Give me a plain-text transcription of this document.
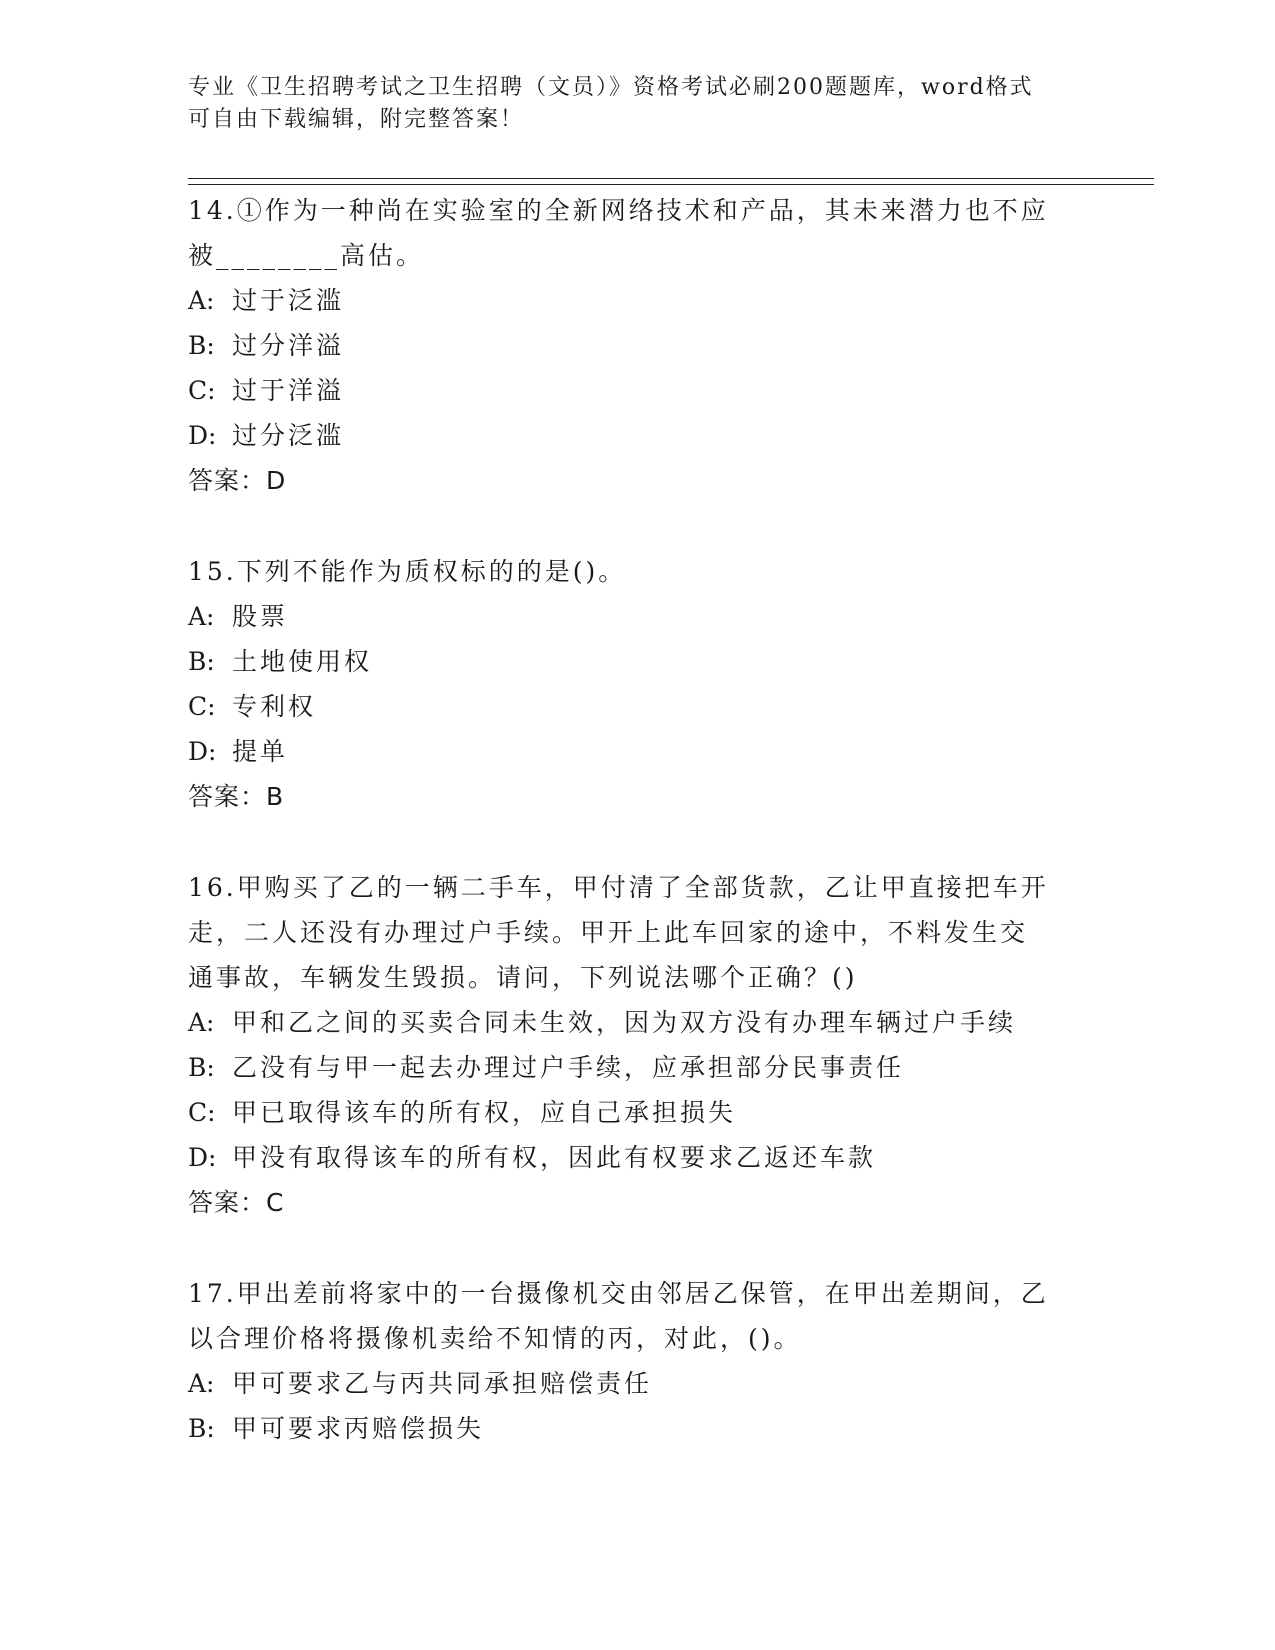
专业《卫生招聘考试之卫生招聘（文员）》资格考试必刷200题题库，word格式
可自由下载编辑，附完整答案！
14.①作为一种尚在实验室的全新网络技术和产品，其未来潜力也不应
被________高估。
A: 过于泛滥
B: 过分洋溢
C: 过于洋溢
D: 过分泛滥
答案：D
15.下列不能作为质权标的的是()。
A: 股票
B: 土地使用权
C: 专利权
D: 提单
答案：B
16.甲购买了乙的一辆二手车，甲付清了全部货款，乙让甲直接把车开
走，二人还没有办理过户手续。甲开上此车回家的途中，不料发生交
通事故，车辆发生毁损。请问，下列说法哪个正确？()
A: 甲和乙之间的买卖合同未生效，因为双方没有办理车辆过户手续
B: 乙没有与甲一起去办理过户手续，应承担部分民事责任
C: 甲已取得该车的所有权，应自己承担损失
D: 甲没有取得该车的所有权，因此有权要求乙返还车款
答案：C
17.甲出差前将家中的一台摄像机交由邻居乙保管，在甲出差期间，乙
以合理价格将摄像机卖给不知情的丙，对此，()。
A: 甲可要求乙与丙共同承担赔偿责任
B: 甲可要求丙赔偿损失
